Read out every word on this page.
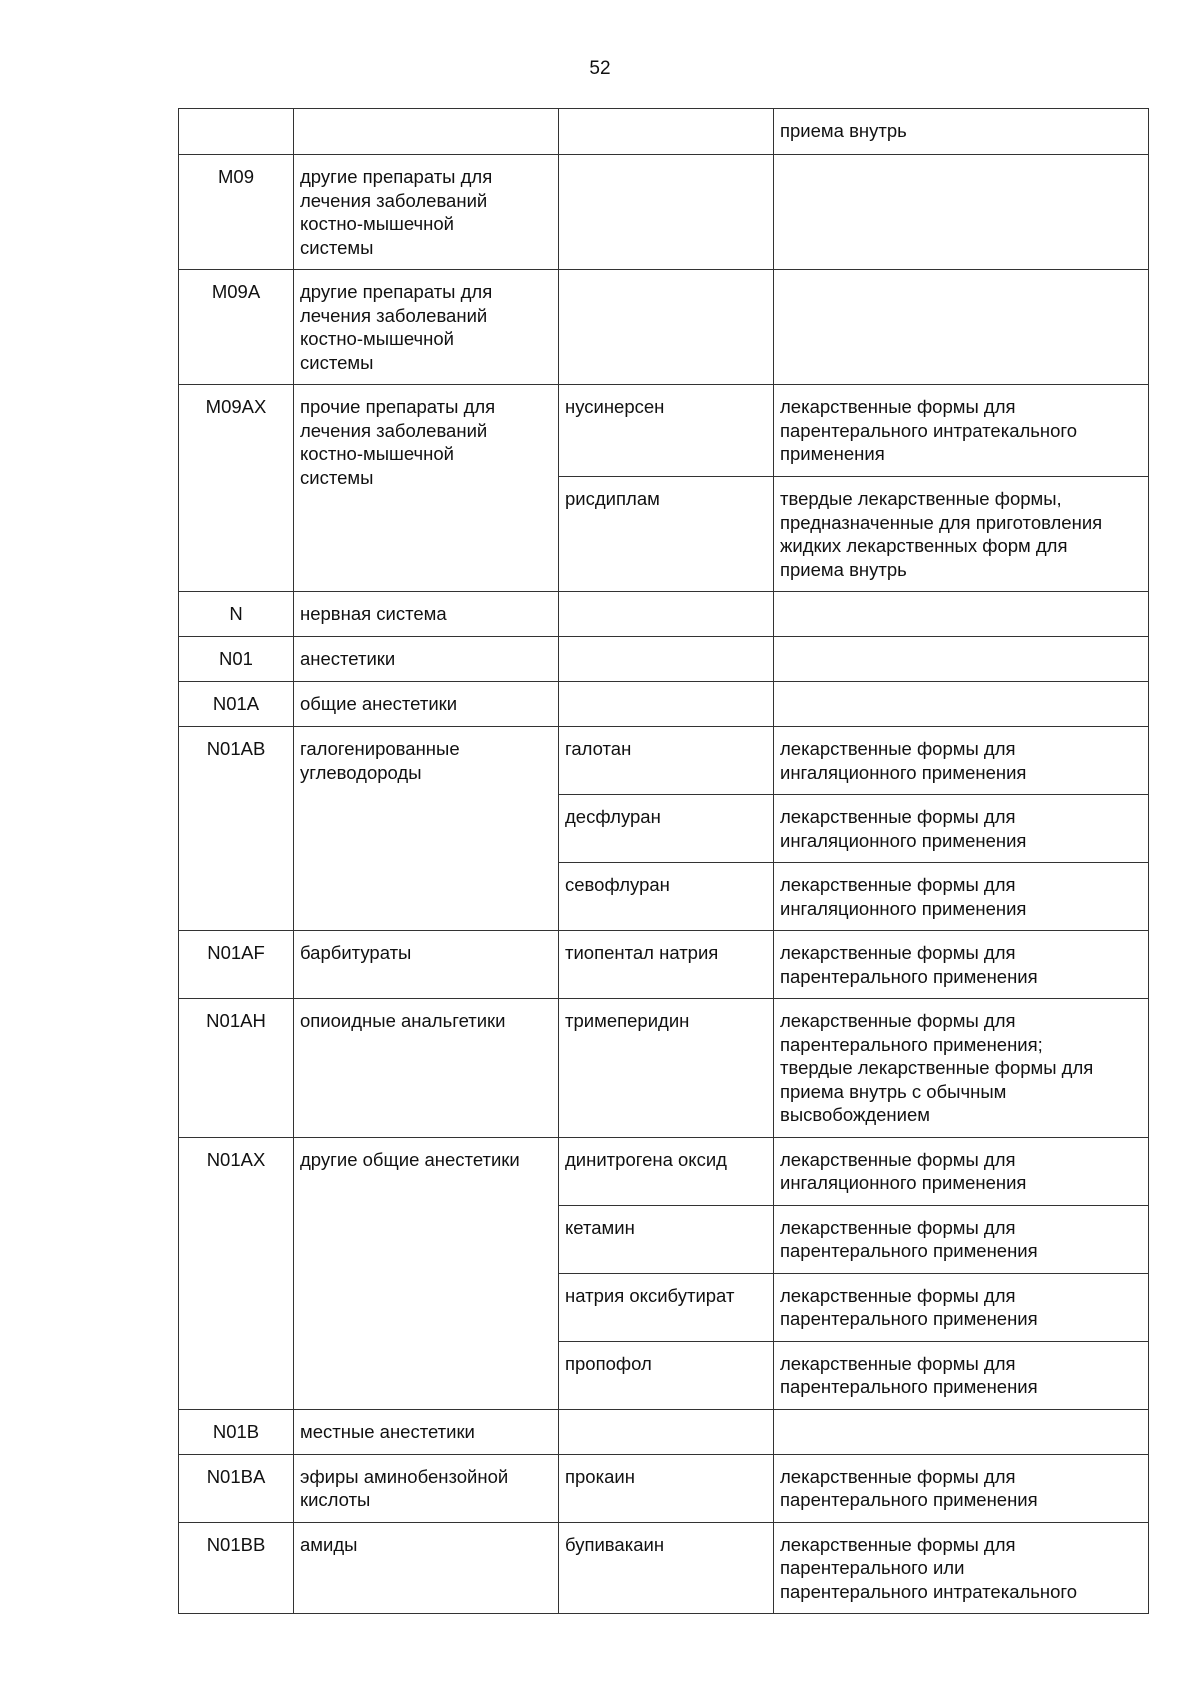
52

			приема внутрь

M09	другие препараты для
лечения заболеваний
костно-мышечной
системы		

M09A	другие препараты для
лечения заболеваний
костно-мышечной
системы		

M09AX	прочие препараты для
лечения заболеваний
костно-мышечной
системы	нусинерсен	лекарственные формы для
парентерального интратекального
применения

		рисдиплам	твердые лекарственные формы,
предназначенные для приготовления
жидких лекарственных форм для
приема внутрь

N	нервная система		

N01	анестетики		

N01A	общие анестетики		

N01AB	галогенированные
углеводороды	галотан	лекарственные формы для
ингаляционного применения

		десфлуран	лекарственные формы для
ингаляционного применения

		севофлуран	лекарственные формы для
ингаляционного применения

N01AF	барбитураты	тиопентал натрия	лекарственные формы для
парентерального применения

N01AH	опиоидные анальгетики	тримеперидин	лекарственные формы для
парентерального применения;
твердые лекарственные формы для
приема внутрь с обычным
высвобождением

N01AX	другие общие анестетики	динитрогена оксид	лекарственные формы для
ингаляционного применения

		кетамин	лекарственные формы для
парентерального применения

		натрия оксибутират	лекарственные формы для
парентерального применения

		пропофол	лекарственные формы для
парентерального применения

N01B	местные анестетики		

N01BA	эфиры аминобензойной
кислоты	прокаин	лекарственные формы для
парентерального применения

N01BB	амиды	бупивакаин	лекарственные формы для
парентерального или
парентерального интратекального
